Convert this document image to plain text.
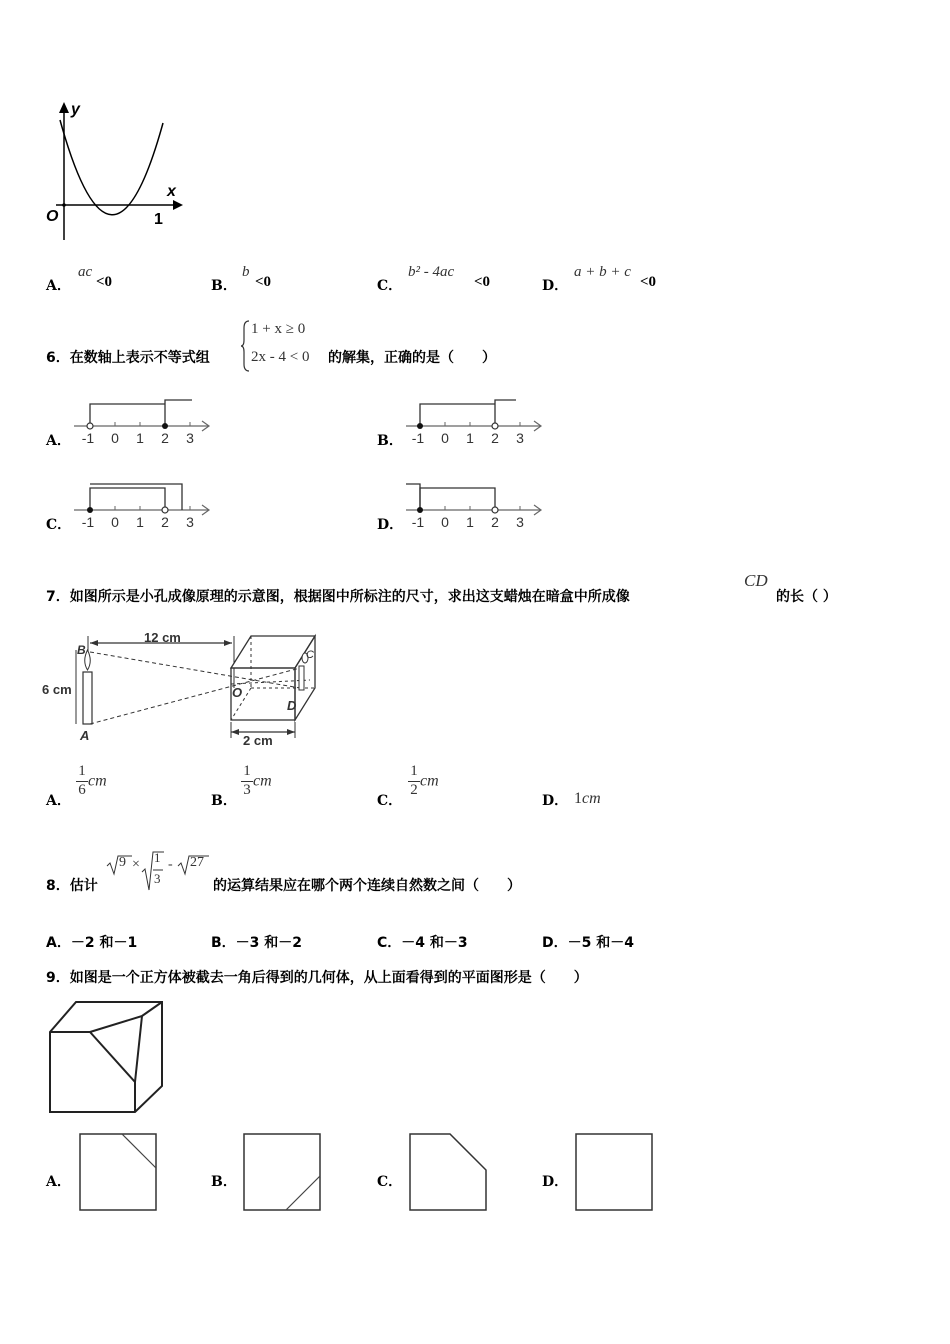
y
x
O	1
A．
ac
<0	B．
b
<0	C．
b² - 4ac
<0	D．
a + b + c
<0
6．在数轴上表示不等式组
1 + x ≥ 0
2x - 4 < 0 的解集，正确的是（　　）
A．	B．
C．	D．
-1 0 1 2 3	-1 0 1 2 3
-1 0 1 2 3	-1 0 1 2 3
7．如图所示是小孔成像原理的示意图，根据图中所标注的尺寸，求出这支蜡烛在暗盒中所成像
CD
的长（ ）
12 cm
6 cm
B
A
C
O
D
2 cm
A．
$\frac{1}{6}$ cm
B．
$\frac{1}{3}$ cm
C．
$\frac{1}{2}$ cm
D． 1cm
8．估计
9 × 1
3
- 27
的运算结果应在哪个两个连续自然数之间（　　）
A．－2 和－1	B．－3 和－2	C．－4 和－3	D．－5 和－4
9．如图是一个正方体被截去一角后得到的几何体，从上面看得到的平面图形是（　　）
A．	B．	C．	D．
